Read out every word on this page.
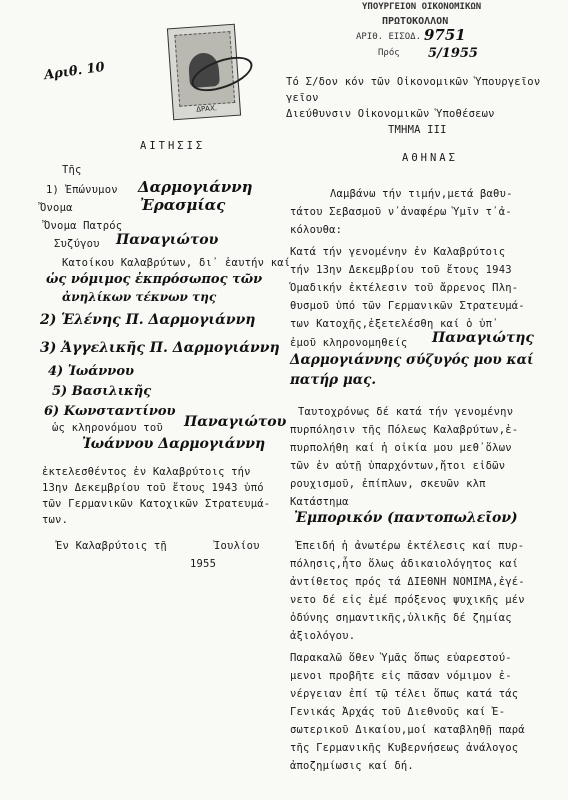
Αριθ. 10
ΔΡΑΧ.
ΥΠΟΥΡΓΕΙΟΝ ΟΙΚΟΝΟΜΙΚΩΝ
ΠΡΩΤΟΚΟΛΛΟΝ
ΑΡΙΘ. ΕΙΣΟΔ. 9751
Πρός 5/1955
Τό Σ/δον κόν τῶν Οἰκονομικῶν Ὑπουργεῖον
γεῖον
Διεύθυνσιν Οἰκονομικῶν Ὑποθέσεων
ΤΜΗΜΑ ΙΙΙ
ΑΘΗΝΑΣ
ΑΙΤΗΣΙΣ
Τῆς
1) Ἐπώνυμον Δαρμογιάννη
Ὄνομα	Ἐρασμίας
Ὄνομα Πατρός
Συζύγου Παναγιώτου
Κατοίκου Καλαβρύτων, δι᾽ ἑαυτήν καί
ὡς νόμιμος ἐκπρόσωπος τῶν
ἀνηλίκων τέκνων της
2) Ἑλένης Π. Δαρμογιάννη
3) Ἀγγελικῆς Π. Δαρμογιάννη
4) Ἰωάννου
5) Βασιλικῆς
6) Κωνσταντίνου
ὡς κληρονόμου τοῦ Παναγιώτου
Ἰωάννου Δαρμογιάννη
ἐκτελεσθέντος ἐν Καλαβρύτοις τήν
13ην Δεκεμβρίου τοῦ ἔτους 1943 ὑπό
τῶν Γερμανικῶν Κατοχικῶν Στρατευμά-
των.
Ἐν Καλαβρύτοις τῇ	Ἰουλίου
1955
Λαμβάνω τήν τιμήν,μετά βαθυ-
τάτου Σεβασμοῦ ν᾽ἀναφέρω Ὑμῖν τ᾽ἀ-
κόλουθα:
Κατά τήν γενομένην ἐν Καλαβρύτοις
τήν 13ην Δεκεμβρίου τοῦ ἔτους 1943
Ὁμαδικήν ἐκτέλεσιν τοῦ ἄρρενος Πλη-
θυσμοῦ ὑπό τῶν Γερμανικῶν Στρατευμά-
των Κατοχῆς,ἐξετελέσθη καί ὁ ὑπ᾽
ἐμοῦ κληρονομηθείς Παναγιώτης
Δαρμογιάννης σύζυγός μου καί
πατήρ μας.
Ταυτοχρόνως δέ κατά τήν γενομένην
πυρπόλησιν τῆς Πόλεως Καλαβρύτων,ἐ-
πυρπολήθη καί ἡ οἰκία μου μεθ᾽ὅλων
τῶν ἐν αὐτῇ ὑπαρχόντων,ἤτοι εἰδῶν
ρουχισμοῦ, ἐπίπλων, σκευῶν κλπ
Κατάστημα
Ἐμπορικόν (παντοπωλεῖον)
Ἐπειδή ἡ ἀνωτέρω ἐκτέλεσις καί πυρ-
πόλησις,ἧτο ὅλως ἀδικαιολόγητος καί
ἀντίθετος πρός τά ΔΙΕΘΝΗ ΝΟΜΙΜΑ,ἐγέ-
νετο δέ εἰς ἐμέ πρόξενος ψυχικῆς μέν
ὀδύνης σημαντικῆς,ὑλικῆς δέ ζημίας
ἀξιολόγου.
Παρακαλῶ ὅθεν Ὑμᾶς ὅπως εὐαρεστού-
μενοι προβῆτε εἰς πᾶσαν νόμιμον ἐ-
νέργειαν ἐπί τῷ τέλει ὅπως κατά τάς
Γενικάς Ἀρχάς τοῦ Διεθνοῦς καί Ἐ-
σωτερικοῦ Δικαίου,μοί καταβληθῇ παρά
τῆς Γερμανικῆς Κυβερνήσεως ἀνάλογος
ἀποζημίωσις καί δή.
